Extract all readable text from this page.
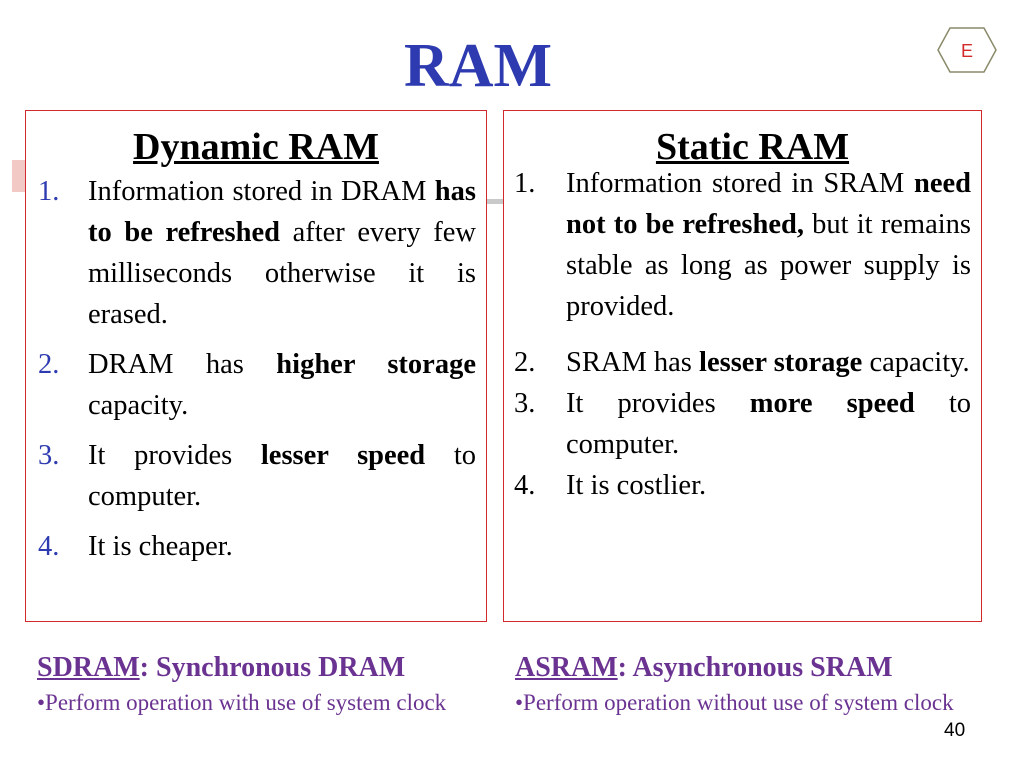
RAM	E
Dynamic RAM
1. Information stored in DRAM has to be refreshed after every few milliseconds otherwise it is erased.
2. DRAM has higher storage capacity.
3. It provides lesser speed to computer.
4. It is cheaper.
Static RAM
1. Information stored in SRAM need not to be refreshed, but it remains stable as long as power supply is provided.
2. SRAM has lesser storage capacity.
3. It provides more speed to computer.
4. It is costlier.
SDRAM: Synchronous DRAM
•Perform operation with use of system clock
ASRAM: Asynchronous SRAM
•Perform operation without use of system clock
40
